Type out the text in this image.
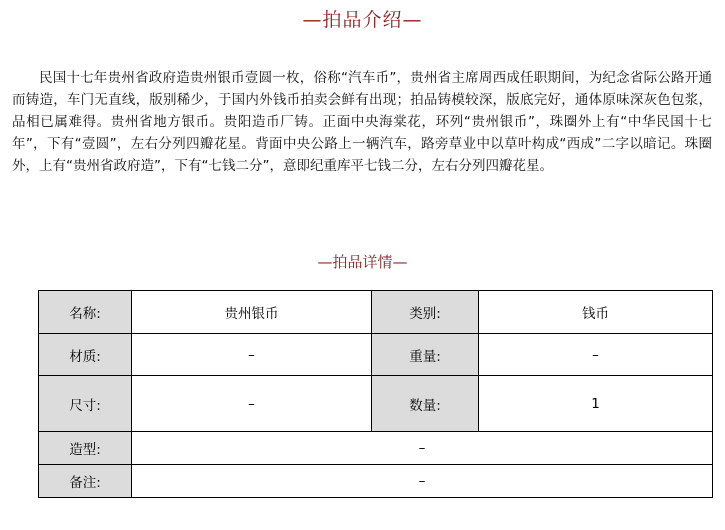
—拍品介绍—

民国十七年贵州省政府造贵州银币壹圆一枚，俗称“汽车币”，贵州省主席周西成任职期间，为纪念省际公路开通而铸造，车门无直线，版别稀少，于国内外钱币拍卖会鲜有出现；拍品铸模较深，版底完好，通体原味深灰色包浆，品相已属难得。贵州省地方银币。贵阳造币厂铸。正面中央海棠花，环列“贵州银币”，珠圈外上有“中华民国十七年”，下有“壹圆”，左右分列四瓣花星。背面中央公路上一辆汽车，路旁草业中以草叶构成“西成”二字以暗记。珠圈外，上有“贵州省政府造”，下有“七钱二分”，意即纪重库平七钱二分，左右分列四瓣花星。

—拍品详情—
名称:	贵州银币	类别:	钱币
材质:	–	重量:	–
尺寸:	–	数量:	1
造型:	–		
备注:	–		
